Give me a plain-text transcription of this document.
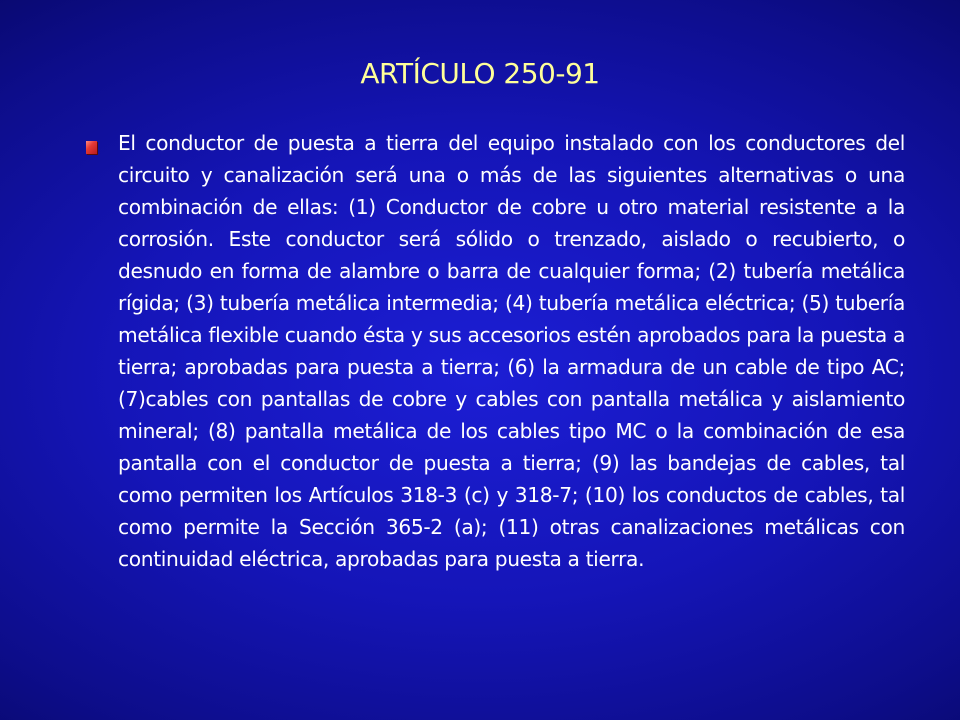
ARTÍCULO 250-91

El conductor de puesta a tierra del equipo instalado con los conductores del circuito y canalización será una o más de las siguientes alternativas o una combinación de ellas: (1) Conductor de cobre u otro material resistente a la corrosión. Este conductor será sólido o trenzado, aislado o recubierto, o desnudo en forma de alambre o barra de cualquier forma; (2) tubería metálica rígida; (3) tubería metálica intermedia; (4) tubería metálica eléctrica; (5) tubería metálica flexible cuando ésta y sus accesorios estén aprobados para la puesta a tierra; aprobadas para puesta a tierra; (6) la armadura de un cable de tipo AC; (7)cables con pantallas de cobre y cables con pantalla metálica y aislamiento mineral; (8) pantalla metálica de los cables tipo MC o la combinación de esa pantalla con el conductor de puesta a tierra; (9) las bandejas de cables, tal como permiten los Artículos 318-3 (c) y 318-7; (10) los conductos de cables, tal como permite la Sección 365-2 (a); (11) otras canalizaciones metálicas con continuidad eléctrica, aprobadas para puesta a tierra.
